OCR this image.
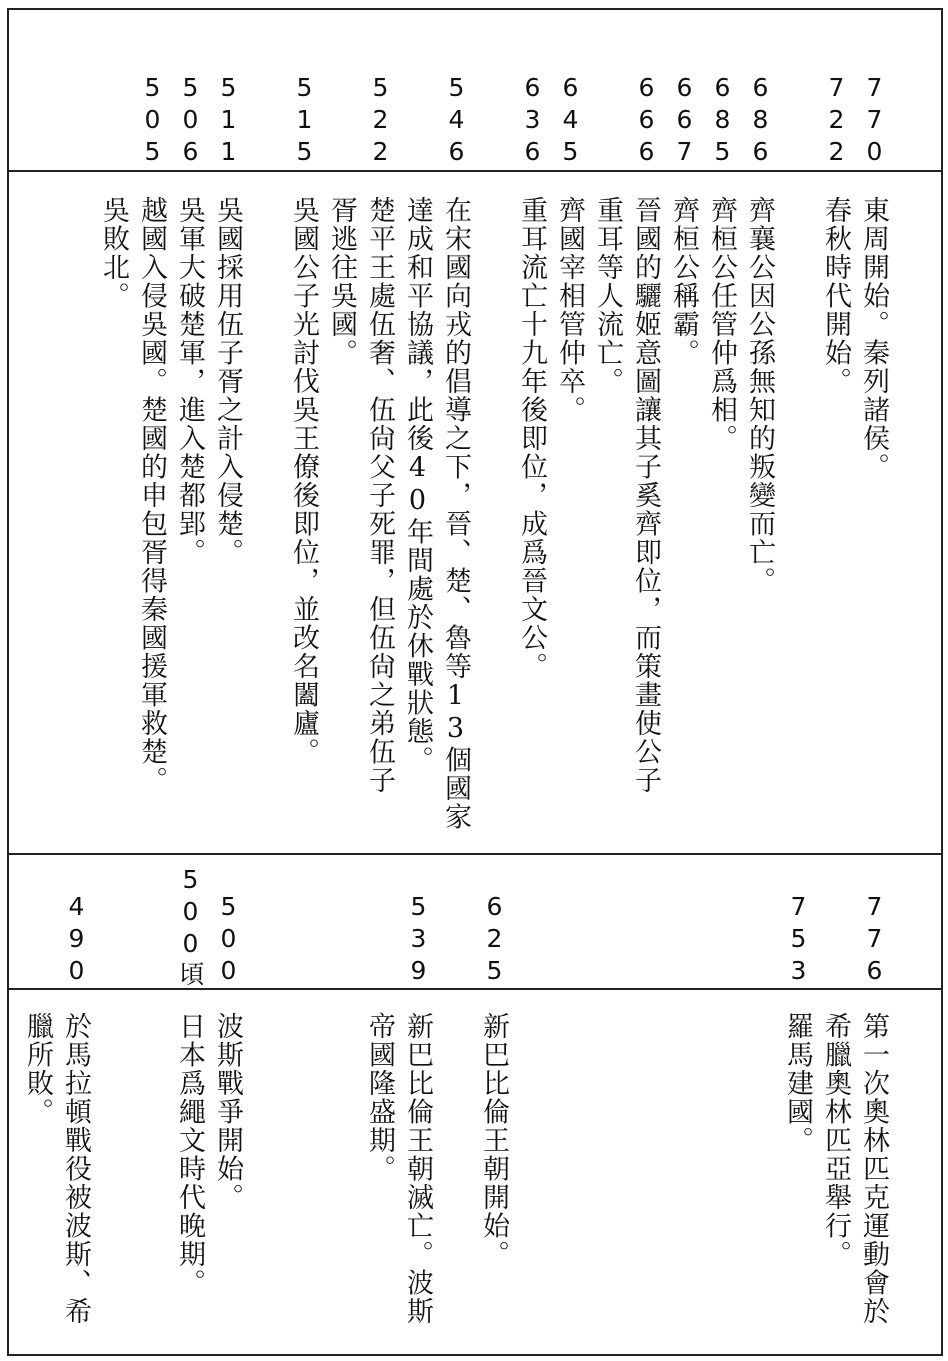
770
722
686
685
667
666
645
636
546
522
515
511
506
505
東周開始。秦列諸侯。
春秋時代開始。
齊襄公因公孫無知的叛變而亡。
齊桓公任管仲爲相。
齊桓公稱霸。
晉國的驪姬意圖讓其子奚齊即位，而策畫使公子
重耳等人流亡。
齊國宰相管仲卒。
重耳流亡十九年後即位，成爲晉文公。
在宋國向戎的倡導之下，晉、楚、魯等13個國家
達成和平協議，此後40年間處於休戰狀態。
楚平王處伍奢、伍尙父子死罪，但伍尙之弟伍子
胥逃往吳國。
吳國公子光討伐吳王僚後即位，並改名闔廬。
吳國採用伍子胥之計入侵楚。
吳軍大破楚軍，進入楚都郢。
越國入侵吳國。楚國的申包胥得秦國援軍救楚。
吳敗北。
776
753
625
539
500
500頃
490
第一次奧林匹克運動會於
希臘奧林匹亞舉行。
羅馬建國。
新巴比倫王朝開始。
新巴比倫王朝滅亡。波斯
帝國隆盛期。
波斯戰爭開始。
日本爲繩文時代晚期。
於馬拉頓戰役被波斯、希
臘所敗。
